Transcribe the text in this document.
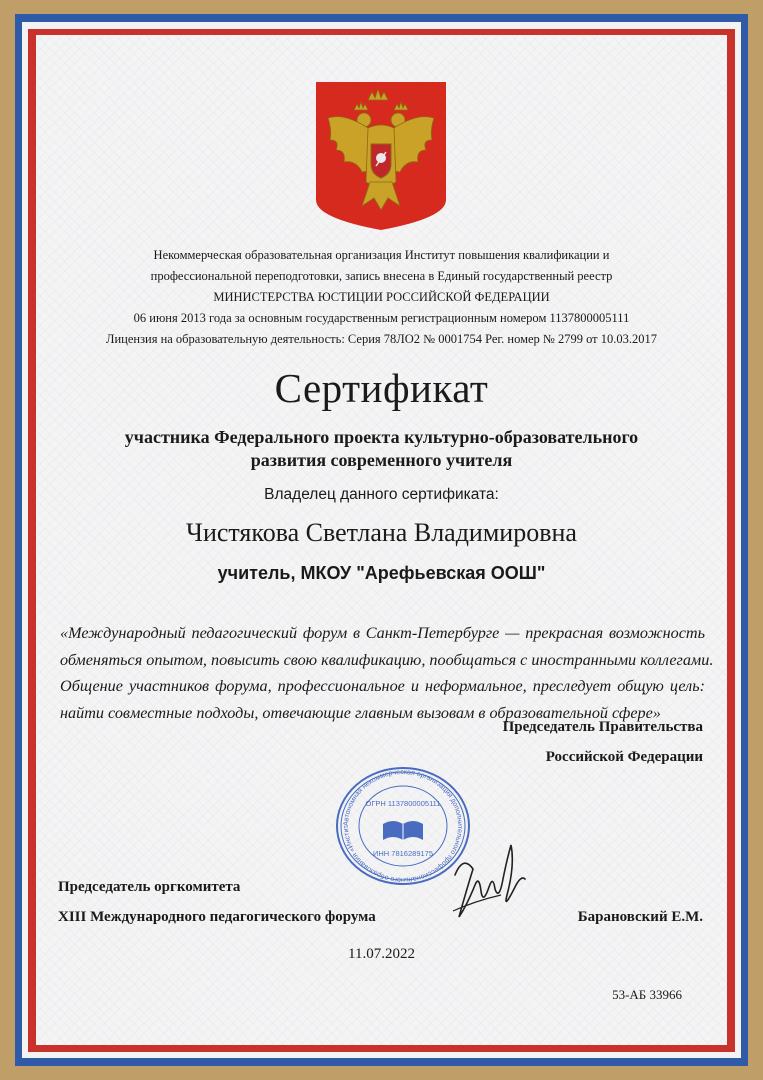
Некоммерческая образовательная организация Институт повышения квалификации и
профессиональной переподготовки, запись внесена в Единый государственный реестр
МИНИСТЕРСТВА ЮСТИЦИИ РОССИЙСКОЙ ФЕДЕРАЦИИ
06 июня 2013 года за основным государственным регистрационным номером 1137800005111
Лицензия на образовательную деятельность: Серия 78ЛО2 № 0001754 Рег. номер № 2799 от 10.03.2017
Сертификат
участника Федерального проекта культурно-образовательного
развития современного учителя
Владелец данного сертификата:
Чистякова Светлана Владимировна
учитель, МКОУ "Арефьевская ООШ"
«Международный педагогический форум в Санкт-Петербурге — прекрасная возможность
обменяться опытом, повысить свою квалификацию, пообщаться с иностранными коллегами.
Общение участников форума, профессиональное и неформальное, преследует общую цель:
найти совместные подходы, отвечающие главным вызовам в образовательной сфере»
Председатель Правительства
Российской Федерации
Автономная некоммерческая организация дополнительного профессионального образования «Инстит
ОГРН 1137800005111
ИНН 7816289175
Председатель оргкомитета
XIII Международного педагогического форума	Барановский Е.М.
11.07.2022
53-АБ 33966
